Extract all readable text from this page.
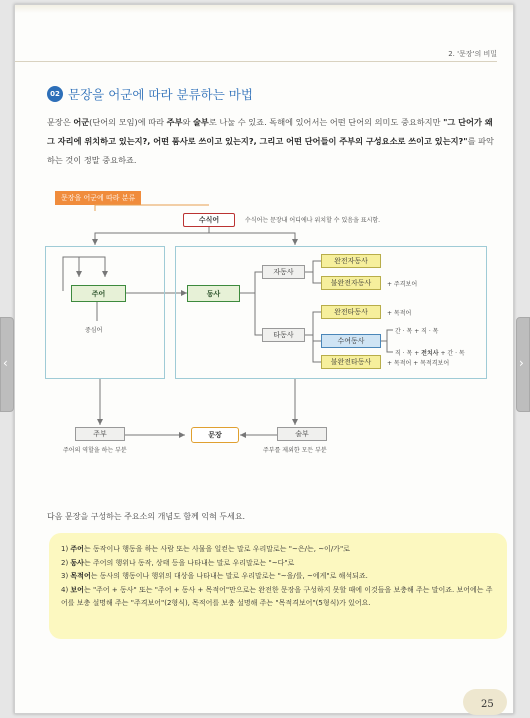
2. '문장'의 비밀
02 문장을 어군에 따라 분류하는 마법

문장은 어군(단어의 모임)에 따라 주부와 술부로 나눌 수 있죠. 독해에 있어서는 어떤 단어의 의미도 중요하지만 "그 단어가 왜 그 자리에 위치하고 있는지?, 어떤 품사로 쓰이고 있는지?, 그리고 어떤 단어들이 주부의 구성요소로 쓰이고 있는지?"를 파악하는 것이 정말 중요하죠.

문장을 어군에 따라 분류
수식어	수식어는 문장내 어디에나 위치할 수 있음을 표시함.
주어
중심어
동사
자동사
타동사
완전자동사
불완전자동사	+ 주격보어
완전타동사	+ 목적어
수여동사
간 · 목 + 직 · 목
직 · 목 + 전치사 + 간 · 목
불완전타동사	+ 목적어 + 목적격보어
주부
주어의 역할을 하는 부분
문장	술부
주부를 제외한 모든 부분
다음 문장을 구성하는 주요소의 개념도 함께 익혀 두세요.
1) 주어는 동작이나 행동을 하는 사람 또는 사물을 일컫는 말로 우리말로는 "~은/는, ~이/가"로
2) 동사는 주어의 행위나 동작, 상태 등을 나타내는 말로 우리말로는 "~다"로
3) 목적어는 동사의 행동이나 행위의 대상을 나타내는 말로 우리말로는 "~을/를, ~에게"로 해석되죠.
4) 보어는 "주어 + 동사" 또는 "주어 + 동사 + 목적어"만으로는 완전한 문장을 구성하지 못할 때에 이것들을 보충해 주는 말이죠. 보어에는 주어를 보충 설명해 주는 "주격보어"(2형식), 목적어를 보충 설명해 주는 "목적격보어"(5형식)가 있어요.
25
‹	›
